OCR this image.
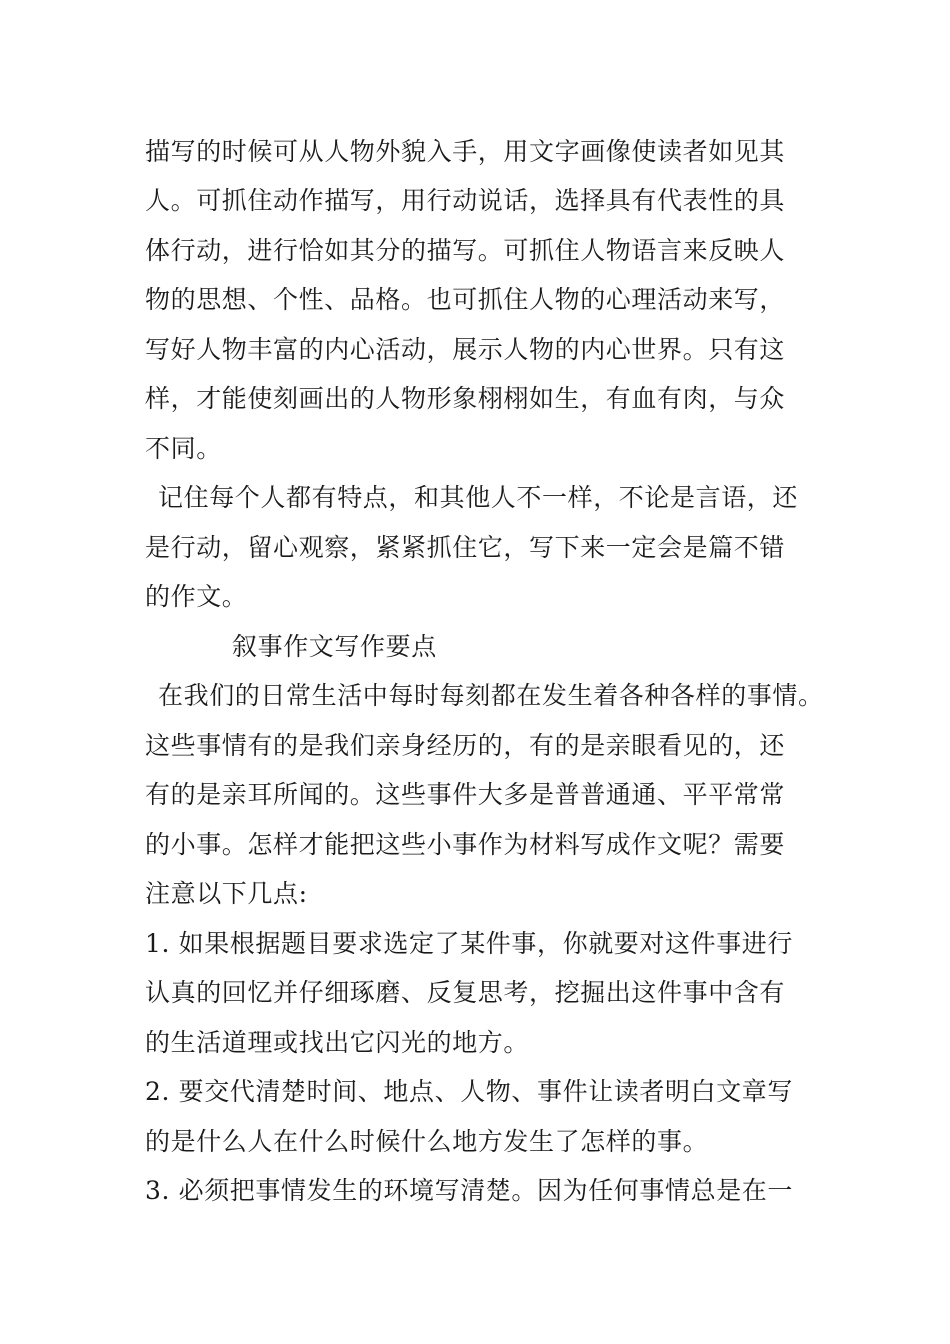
描写的时候可从人物外貌入手，用文字画像使读者如见其
人。可抓住动作描写，用行动说话，选择具有代表性的具
体行动，进行恰如其分的描写。可抓住人物语言来反映人
物的思想、个性、品格。也可抓住人物的心理活动来写，
写好人物丰富的内心活动，展示人物的内心世界。只有这
样，才能使刻画出的人物形象栩栩如生，有血有肉，与众
不同。
记住每个人都有特点，和其他人不一样，不论是言语，还
是行动，留心观察，紧紧抓住它，写下来一定会是篇不错
的作文。
叙事作文写作要点
在我们的日常生活中每时每刻都在发生着各种各样的事情。
这些事情有的是我们亲身经历的，有的是亲眼看见的，还
有的是亲耳所闻的。这些事件大多是普普通通、平平常常
的小事。怎样才能把这些小事作为材料写成作文呢？需要
注意以下几点:
1. 如果根据题目要求选定了某件事，你就要对这件事进行
认真的回忆并仔细琢磨、反复思考，挖掘出这件事中含有
的生活道理或找出它闪光的地方。
2. 要交代清楚时间、地点、人物、事件让读者明白文章写
的是什么人在什么时候什么地方发生了怎样的事。
3. 必须把事情发生的环境写清楚。因为任何事情总是在一
